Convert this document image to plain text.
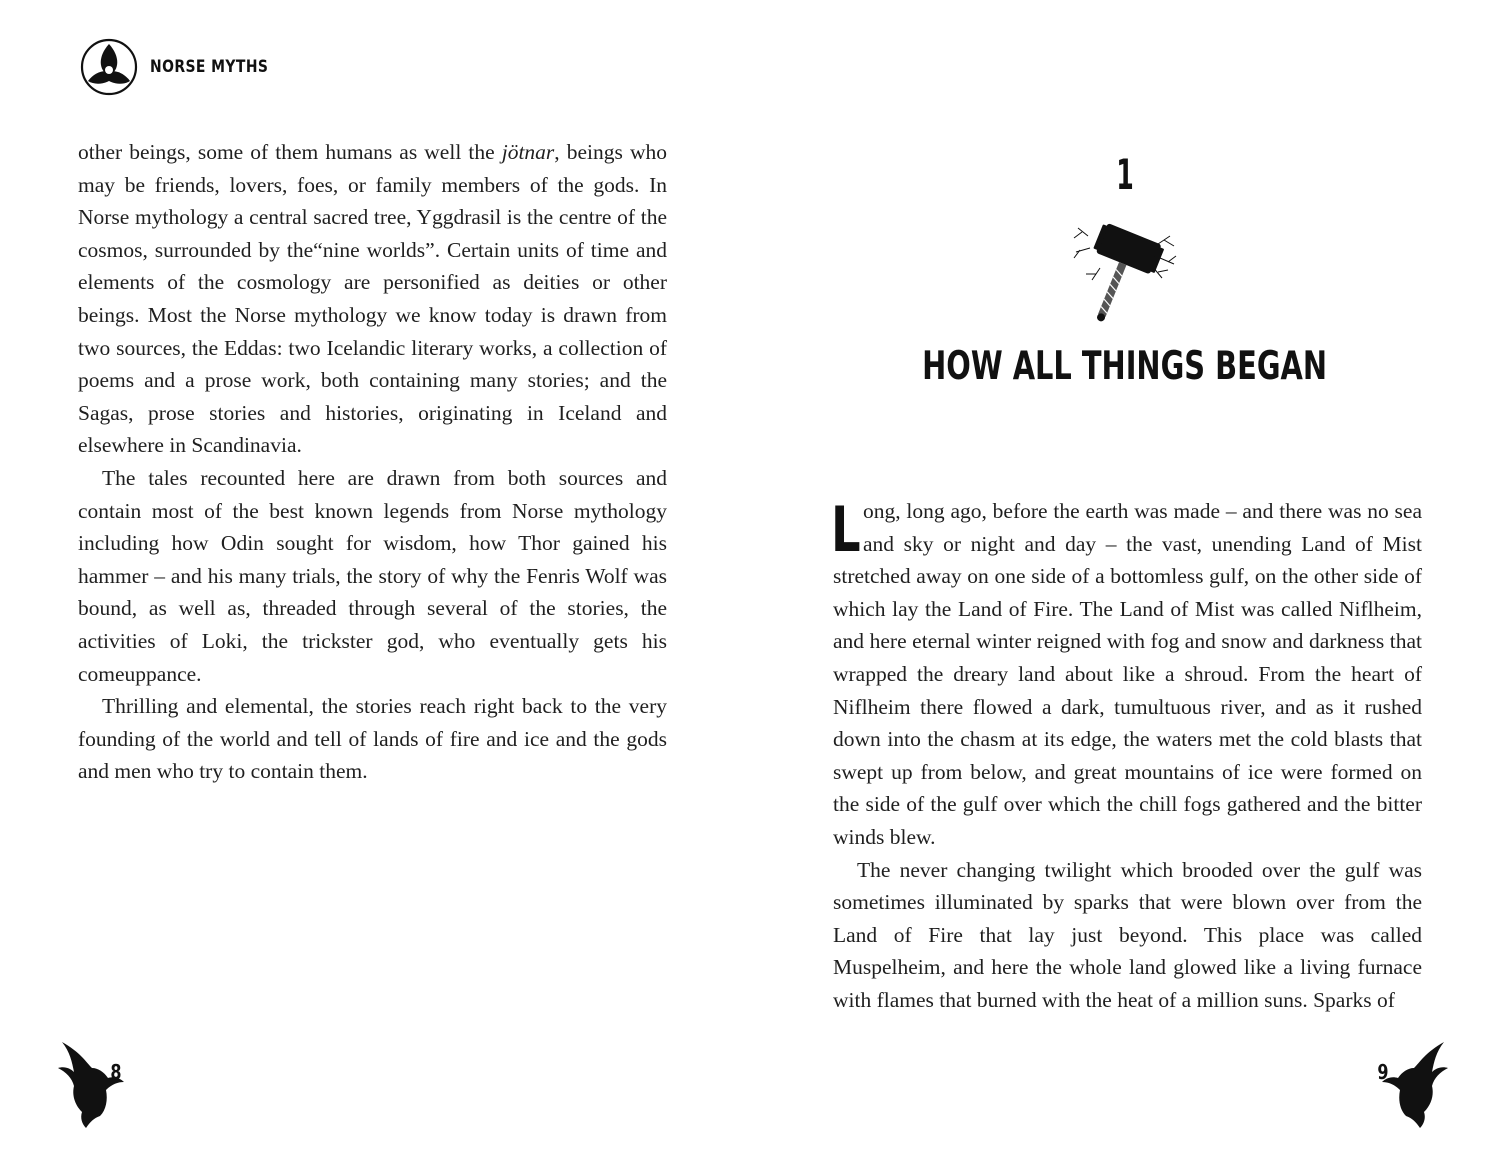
NORSE MYTHS

other beings, some of them humans as well the jötnar, beings who may be friends, lovers, foes, or family members of the gods. In Norse mythology a central sacred tree, Yggdrasil is the centre of the cosmos, surrounded by the“nine worlds”. Certain units of time and elements of the cosmology are personified as deities or other beings. Most the Norse mythology we know today is drawn from two sources, the Eddas: two Icelandic literary works, a collection of poems and a prose work, both containing many stories; and the Sagas, prose stories and histories, originating in Iceland and elsewhere in Scandinavia.

The tales recounted here are drawn from both sources and contain most of the best known legends from Norse mythology including how Odin sought for wisdom, how Thor gained his hammer – and his many trials, the story of why the Fenris Wolf was bound, as well as, threaded through several of the stories, the activities of Loki, the trickster god, who eventually gets his comeuppance.

Thrilling and elemental, the stories reach right back to the very founding of the world and tell of lands of fire and ice and the gods and men who try to contain them.

8
1
HOW ALL THINGS BEGAN

Long, long ago, before the earth was made – and there was no sea and sky or night and day – the vast, unending Land of Mist stretched away on one side of a bottomless gulf, on the other side of which lay the Land of Fire. The Land of Mist was called Niflheim, and here eternal winter reigned with fog and snow and darkness that wrapped the dreary land about like a shroud. From the heart of Niflheim there flowed a dark, tumultuous river, and as it rushed down into the chasm at its edge, the waters met the cold blasts that swept up from below, and great mountains of ice were formed on the side of the gulf over which the chill fogs gathered and the bitter winds blew.

The never changing twilight which brooded over the gulf was sometimes illuminated by sparks that were blown over from the Land of Fire that lay just beyond. This place was called Muspelheim, and here the whole land glowed like a living furnace with flames that burned with the heat of a million suns. Sparks of

9
